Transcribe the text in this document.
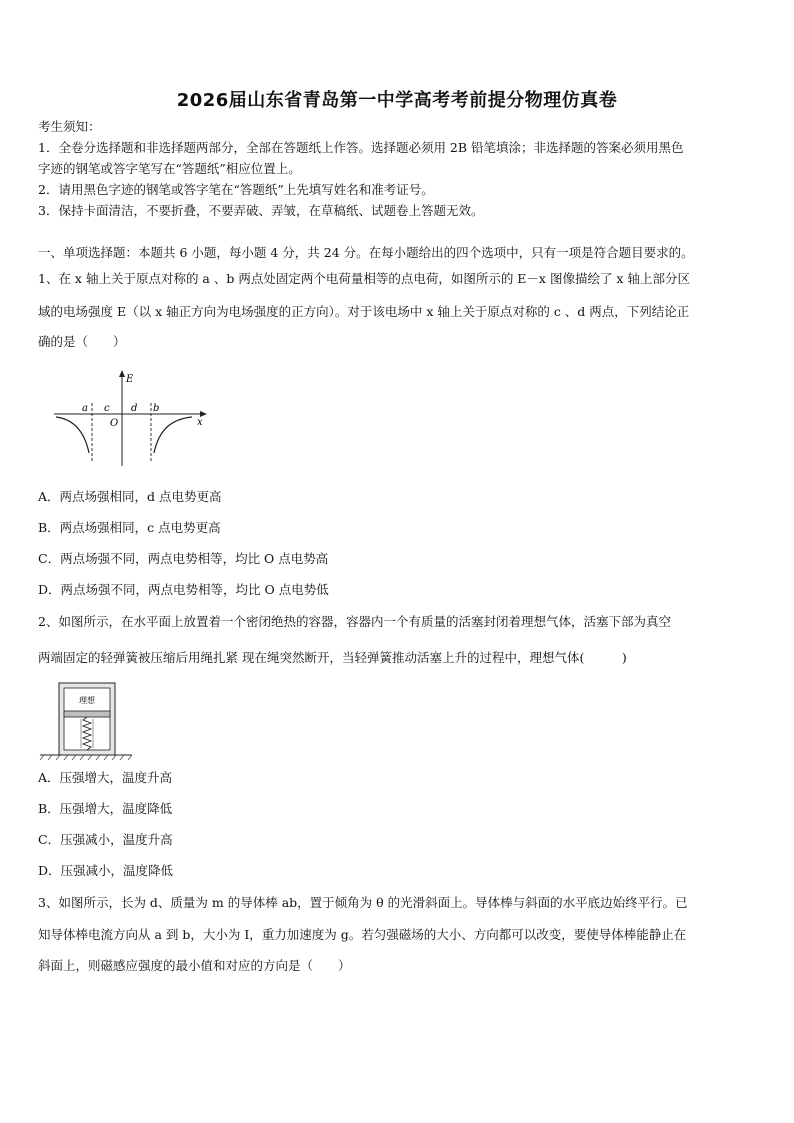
2026届山东省青岛第一中学高考考前提分物理仿真卷
考生须知：
1．全卷分选择题和非选择题两部分，全部在答题纸上作答。选择题必须用 2B 铅笔填涂；非选择题的答案必须用黑色
字迹的钢笔或答字笔写在“答题纸”相应位置上。
2．请用黑色字迹的钢笔或答字笔在“答题纸”上先填写姓名和准考证号。
3．保持卡面清洁，不要折叠，不要弄破、弄皱，在草稿纸、试题卷上答题无效。
一、单项选择题：本题共 6 小题，每小题 4 分，共 24 分。在每小题给出的四个选项中，只有一项是符合题目要求的。
1、在 x 轴上关于原点对称的 a 、b 两点处固定两个电荷量相等的点电荷，如图所示的 E－x 图像描绘了 x 轴上部分区
域的电场强度 E（以 x 轴正方向为电场强度的正方向）。对于该电场中 x 轴上关于原点对称的 c 、d 两点，下列结论正
确的是（　　）
E
x
O
a c d b
A．两点场强相同，d 点电势更高
B．两点场强相同，c 点电势更高
C．两点场强不同，两点电势相等，均比 O 点电势高
D．两点场强不同，两点电势相等，均比 O 点电势低
2、如图所示，在水平面上放置着一个密闭绝热的容器，容器内一个有质量的活塞封闭着理想气体，活塞下部为真空
两端固定的轻弹簧被压缩后用绳扎紧 现在绳突然断开，当轻弹簧推动活塞上升的过程中，理想气体(　　　)
理想
A．压强增大，温度升高
B．压强增大，温度降低
C．压强减小，温度升高
D．压强减小，温度降低
3、如图所示，长为 d、质量为 m 的导体棒 ab，置于倾角为 θ 的光滑斜面上。导体棒与斜面的水平底边始终平行。已
知导体棒电流方向从 a 到 b，大小为 I，重力加速度为 g。若匀强磁场的大小、方向都可以改变，要使导体棒能静止在
斜面上，则磁感应强度的最小值和对应的方向是（　　）
